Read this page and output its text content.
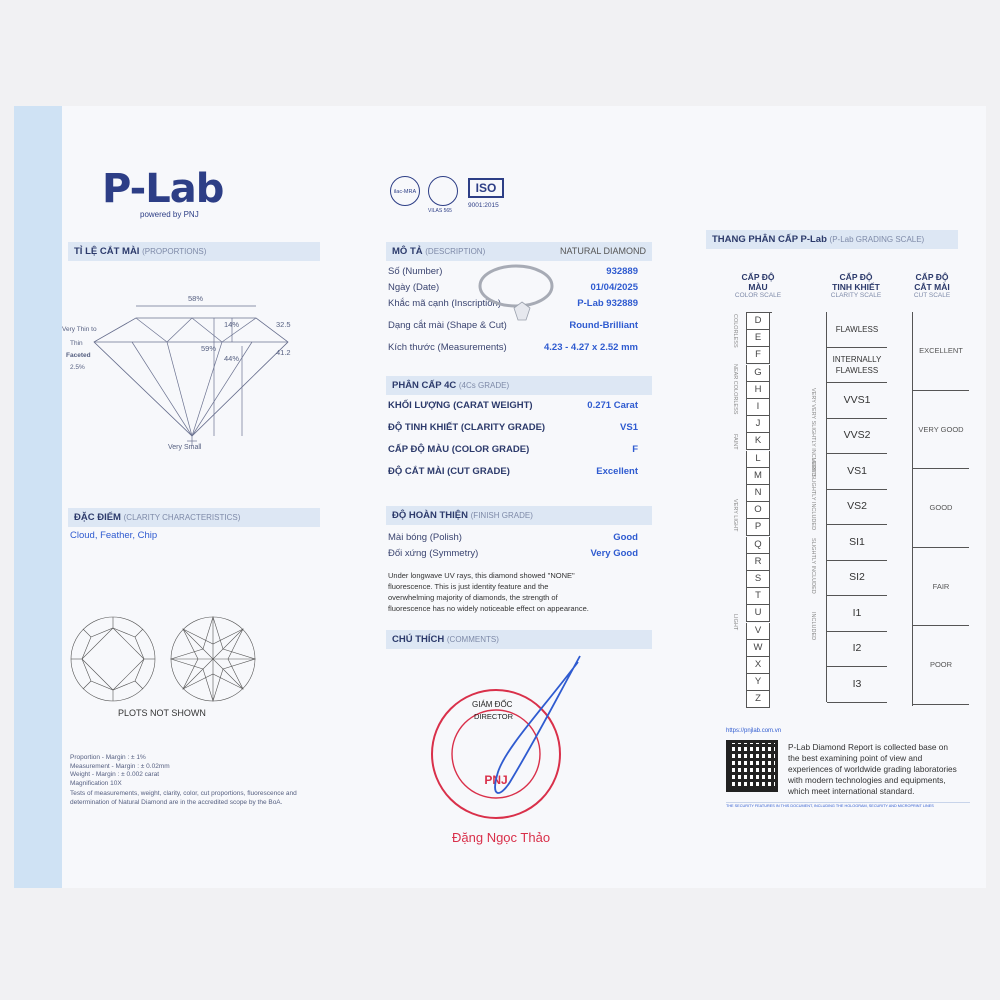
P-Lab
powered by PNJ
TỈ LỆ CẮT MÀI (PROPORTIONS)
58%
14%	32.5
41.2
59%
44%
Very Thin to
Thin
Faceted
2.5%
Very Small
ĐẶC ĐIỂM (CLARITY CHARACTERISTICS)
Cloud, Feather, Chip
PLOTS NOT SHOWN
Proportion - Margin : ± 1%
Measurement - Margin : ± 0.02mm
Weight - Margin : ± 0.002 carat
Magnification 10X
Tests of measurements, weight, clarity, color, cut proportions, fluorescence and
determination of Natural Diamond are in the accredited scope by the BoA.
ilac-MRA
VILAS 565
ISO
9001:2015
MÔ TẢ (DESCRIPTION)	NATURAL DIAMOND
Số (Number)	932889
Ngày (Date)	01/04/2025
Khắc mã cạnh (Inscription)	P-Lab 932889
Dạng cắt mài (Shape & Cut)	Round-Brilliant
Kích thước (Measurements)	4.23 - 4.27 x 2.52 mm
PHÂN CẤP 4C (4Cs GRADE)
KHỐI LƯỢNG (CARAT WEIGHT)	0.271 Carat
ĐỘ TINH KHIẾT (CLARITY GRADE)	VS1
CẤP ĐỘ MÀU (COLOR GRADE)	F
ĐỘ CẮT MÀI (CUT GRADE)	Excellent
ĐỘ HOÀN THIỆN (FINISH GRADE)
Mài bóng (Polish)	Good
Đối xứng (Symmetry)	Very Good
Under longwave UV rays, this diamond showed "NONE"
fluorescence. This is just identity feature and the
overwhelming majority of diamonds, the strength of
fluorescence has no widely noticeable effect on appearance.
CHÚ THÍCH (COMMENTS)
PNJ
GIÁM ĐỐC
DIRECTOR
Đặng Ngọc Thảo
THANG PHÂN CẤP P-Lab (P-Lab GRADING SCALE)
CẤP ĐỘ
MÀU
COLOR SCALE
CẤP ĐỘ
TINH KHIẾT
CLARITY SCALE
CẤP ĐỘ
CẮT MÀI
CUT SCALE
D
E
F
G
H
I
J
K
L
M
N
O
P
Q
R
S
T
U
V
W
X
Y
Z
COLORLESS
NEAR COLORLESS
FAINT
VERY LIGHT
LIGHT
FLAWLESS
INTERNALLY FLAWLESS
VVS1
VVS2
VS1
VS2
SI1
SI2
I1
I2
I3
VERY VERY SLIGHTLY INCLUDED
VERY SLIGHTLY INCLUDED
SLIGHTLY INCLUDED
INCLUDED
EXCELLENT
VERY GOOD
GOOD
FAIR
POOR
https://pnjlab.com.vn
P-Lab Diamond Report is collected base on
the best examining point of view and
experiences of worldwide grading laboratories
with modern technologies and equipments,
which meet international standard.
THE SECURITY FEATURES IN THIS DOCUMENT, INCLUDING THE HOLOGRAM, SECURITY AND MICROPRINT LINES
